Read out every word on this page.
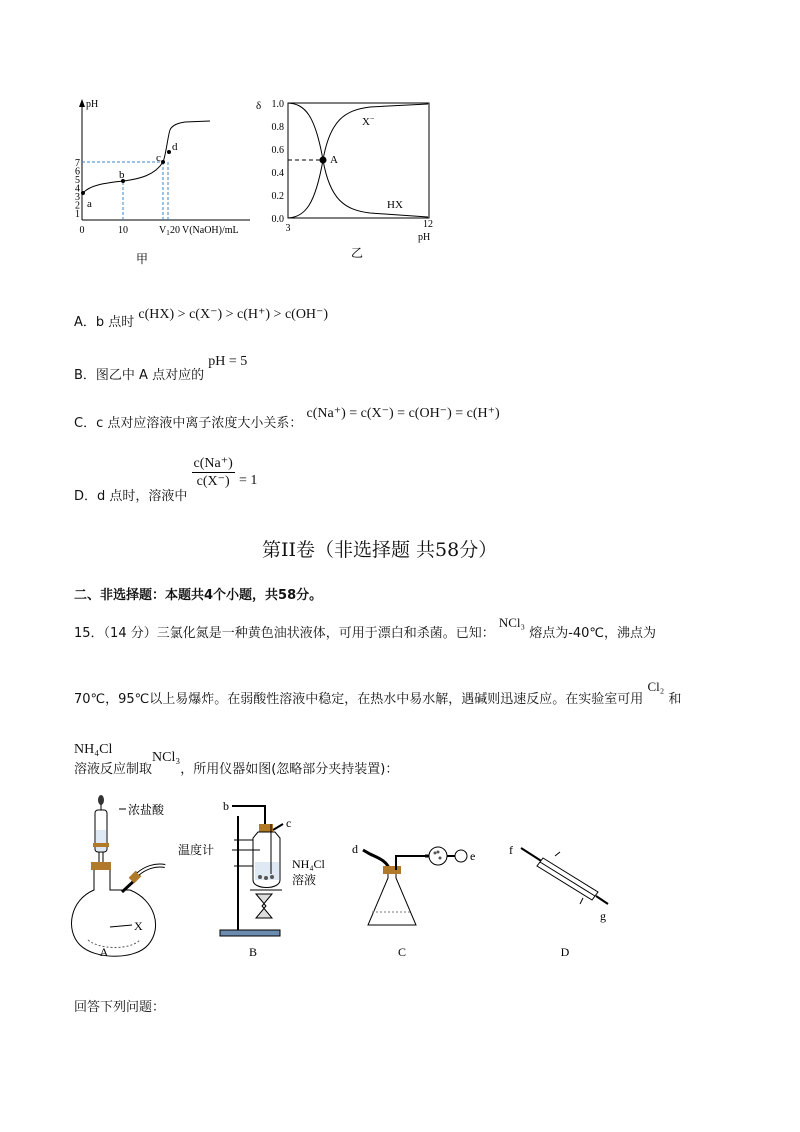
pH
7
6
5
4
3
2
1
0	10	$V_1$ 20 V(NaOH)/mL
a
b
c
d
甲
δ 1.0
0.8
0.6
0.4
0.2
0.0
3	12
pH
A
X−
HX
乙
A．b 点时 c(HX) > c(X⁻) > c(H⁺) > c(OH⁻)
B．图乙中 A 点对应的 pH = 5
C．c 点对应溶液中离子浓度大小关系： c(Na⁺) = c(X⁻) = c(OH⁻) = c(H⁺)
D．d 点时，溶液中
$\frac{c(Na^+)}{c(X^-)} = 1$
第II卷（非选择题 共58分）
二、非选择题：本题共4个小题，共58分。
15．（14 分）三氯化氮是一种黄色油状液体，可用于漂白和杀菌。已知： NCl₃ 熔点为-40℃，沸点为
70℃，95℃以上易爆炸。在弱酸性溶液中稳定，在热水中易水解，遇碱则迅速反应。在实验室可用 Cl₂ 和
NH₄Cl
溶液反应制取NCl₃，所用仪器如图(忽略部分夹持装置)：
浓盐酸
X
A
b
c
温度计
NH₄Cl
溶液
B
d	e
C
f
g
D
回答下列问题：
